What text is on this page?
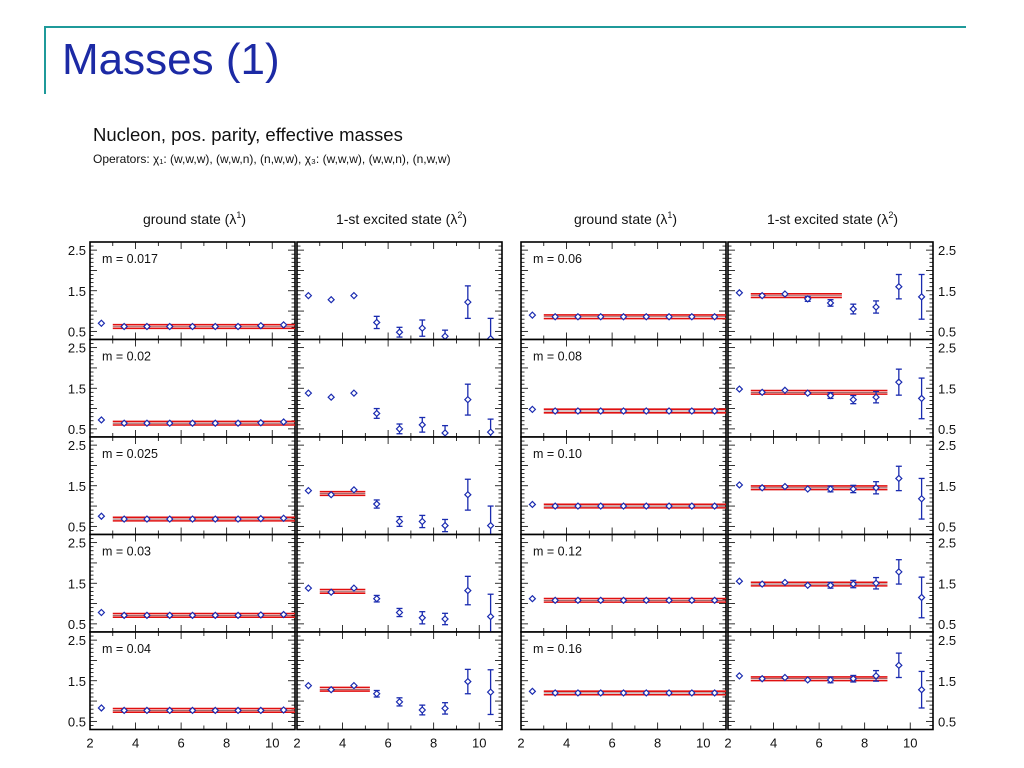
Masses (1)
Nucleon, pos. parity, effective masses
Operators: χ₁: (w,w,w), (w,w,n), (n,w,w), χ₃: (w,w,w), (w,w,n), (n,w,w)
ground state $(\lambda^1)$	1-st excited state $(\lambda^2)$	ground state $(\lambda^1)$	1-st excited state $(\lambda^2)$
m = 0.017
m = 0.02
m = 0.025
m = 0.03
m = 0.04
m = 0.06
m = 0.08
m = 0.10
m = 0.12
m = 0.16
0.5	0.5
1.5	1.5
2.5	2.5
0.5	0.5
1.5	1.5
2.5	2.5
0.5	0.5
1.5	1.5
2.5	2.5
0.5	0.5
1.5	1.5
2.5	2.5
0.5	0.5
1.5	1.5
2.5	2.5
2	4	6	8	10 2	4	6	8	10 2	4	6	8	10 2	4	6	8	10
